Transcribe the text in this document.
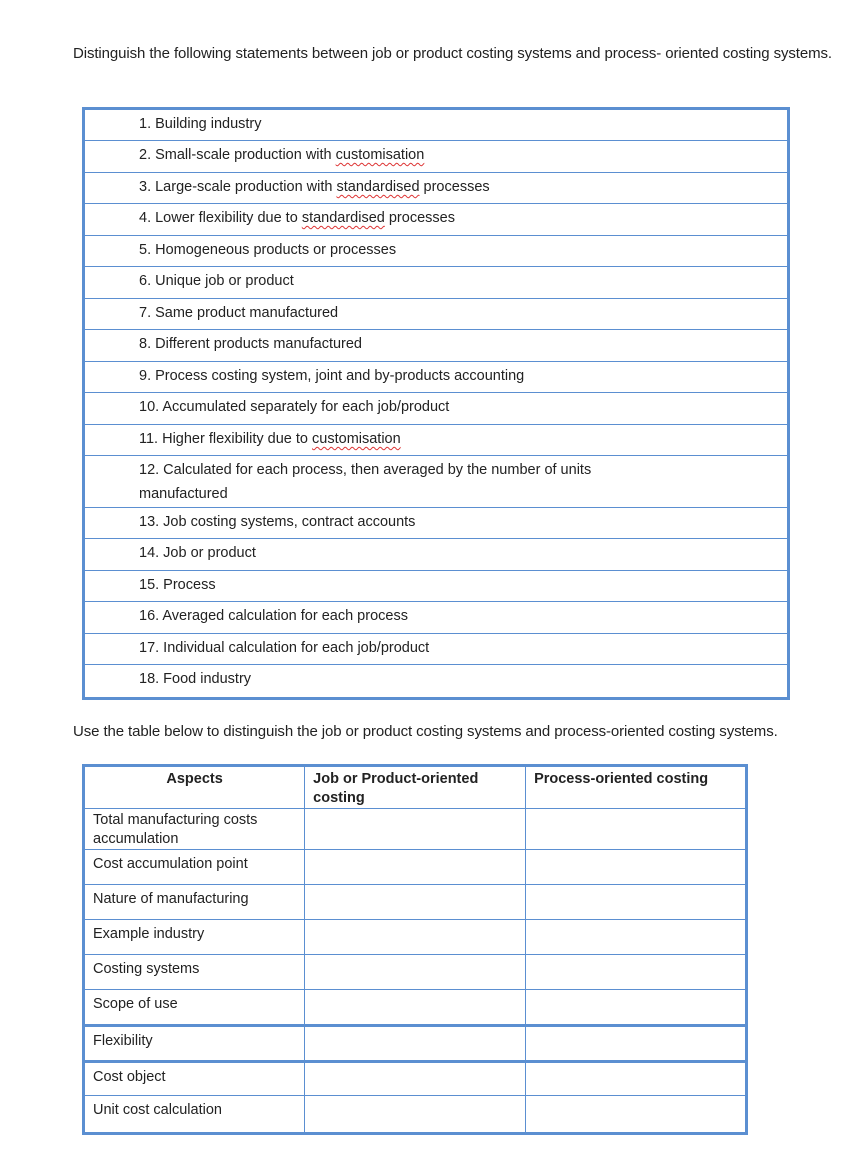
Distinguish the following statements between job or product costing systems and process- oriented costing systems.
1. Building industry
2. Small-scale production with customisation
3. Large-scale production with standardised processes
4. Lower flexibility due to standardised processes
5. Homogeneous products or processes
6. Unique job or product
7. Same product manufactured
8. Different products manufactured
9. Process costing system, joint and by-products accounting
10. Accumulated separately for each job/product
11. Higher flexibility due to customisation
12. Calculated for each process, then averaged by the number of units manufactured
13. Job costing systems, contract accounts
14. Job or product
15. Process
16. Averaged calculation for each process
17. Individual calculation for each job/product
18. Food industry
Use the table below to distinguish the job or product costing systems and process-oriented costing systems.
Aspects	Job or Product-oriented costing	Process-oriented costing
Total manufacturing costs accumulation		
Cost accumulation point		
Nature of manufacturing		
Example industry		
Costing systems		
Scope of use		
Flexibility		
Cost object		
Unit cost calculation		
